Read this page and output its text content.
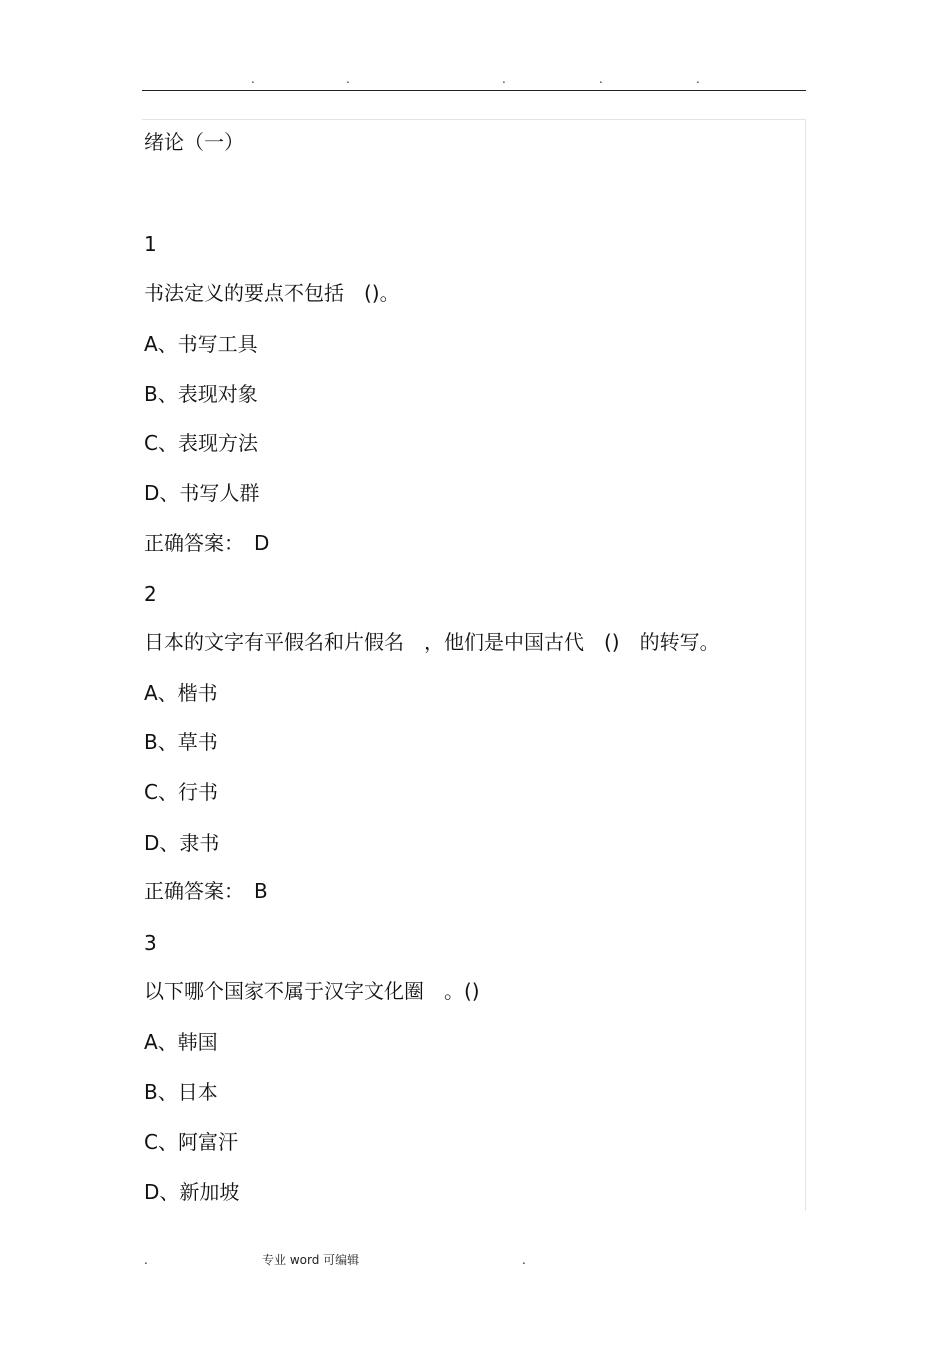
.	.	.	.	.
绪论（一）
1
书法定义的要点不包括　()。
A、书写工具
B、表现对象
C、表现方法
D、书写人群
正确答案：　D
2
日本的文字有平假名和片假名　，他们是中国古代　()　的转写。
A、楷书
B、草书
C、行书
D、隶书
正确答案：　B
3
以下哪个国家不属于汉字文化圈　。()
A、韩国
B、日本
C、阿富汗
D、新加坡
.	专业 word 可编辑	.
